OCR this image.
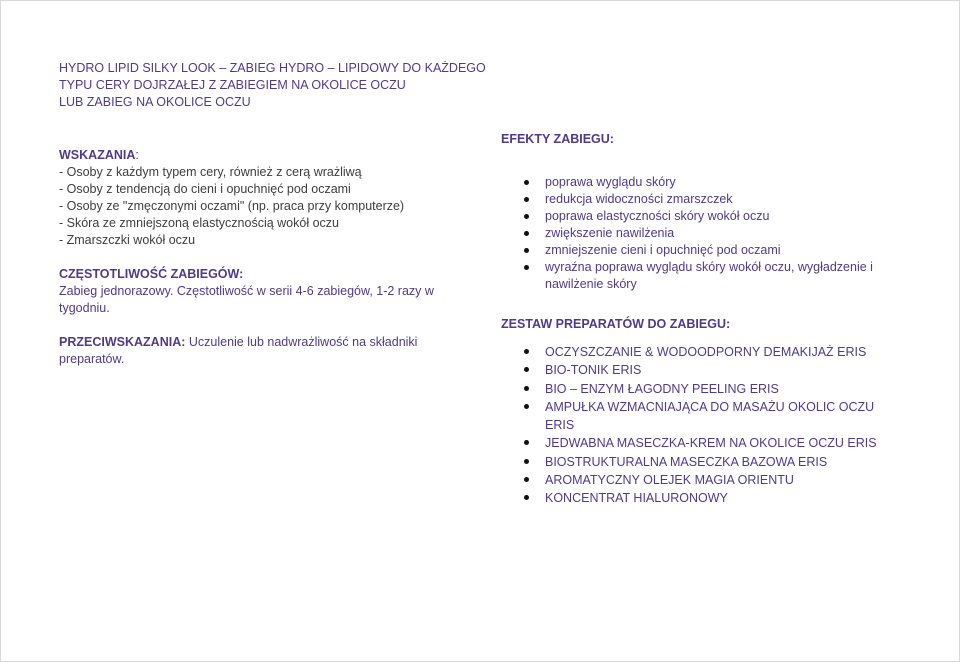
HYDRO LIPID SILKY LOOK – ZABIEG HYDRO – LIPIDOWY DO KAŻDEGO
TYPU CERY DOJRZAŁEJ Z ZABIEGIEM NA OKOLICE OCZU
LUB ZABIEG NA OKOLICE OCZU
WSKAZANIA:
- Osoby z każdym typem cery, również z cerą wrażliwą
- Osoby z tendencją do cieni i opuchnięć pod oczami
- Osoby ze "zmęczonymi oczami" (np. praca przy komputerze)
- Skóra ze zmniejszoną elastycznością wokół oczu
- Zmarszczki wokół oczu
CZĘSTOTLIWOŚĆ ZABIEGÓW:
Zabieg jednorazowy. Częstotliwość w serii 4-6 zabiegów, 1-2 razy w
tygodniu.
PRZECIWSKAZANIA: Uczulenie lub nadwrażliwość na składniki
preparatów.
EFEKTY ZABIEGU:
poprawa wyglądu skóry
redukcja widoczności zmarszczek
poprawa elastyczności skóry wokół oczu
zwiększenie nawilżenia
zmniejszenie cieni i opuchnięć pod oczami
wyraźna poprawa wyglądu skóry wokół oczu, wygładzenie i
nawilżenie skóry
ZESTAW PREPARATÓW DO ZABIEGU:
OCZYSZCZANIE & WODOODPORNY DEMAKIJAŻ ERIS
BIO-TONIK ERIS
BIO – ENZYM ŁAGODNY PEELING ERIS
AMPUŁKA WZMACNIAJĄCA DO MASAŻU OKOLIC OCZU ERIS
JEDWABNA MASECZKA-KREM NA OKOLICE OCZU ERIS
BIOSTRUKTURALNA MASECZKA BAZOWA ERIS
AROMATYCZNY OLEJEK MAGIA ORIENTU
KONCENTRAT HIALURONOWY
